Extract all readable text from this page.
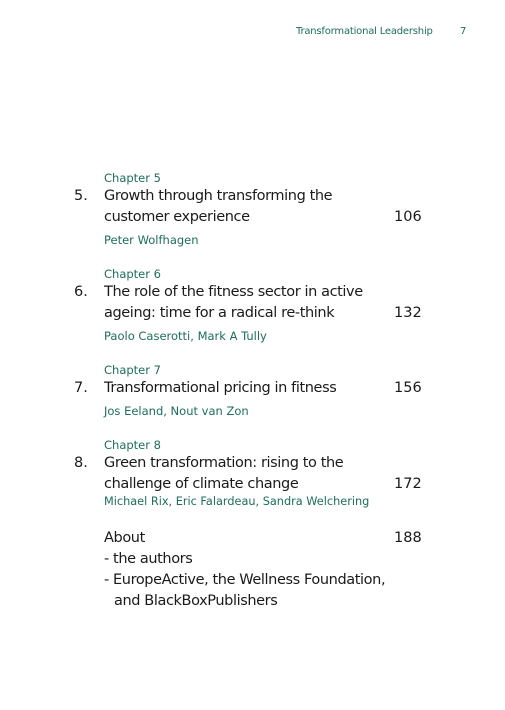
Transformational Leadership	7
Chapter 5
5. Growth through transforming the
customer experience	106
Peter Wolfhagen
Chapter 6
6. The role of the fitness sector in active
ageing: time for a radical re-think	132
Paolo Caserotti, Mark A Tully
Chapter 7
7. Transformational pricing in fitness	156
Jos Eeland, Nout van Zon
Chapter 8
8. Green transformation: rising to the
challenge of climate change	172
Michael Rix, Eric Falardeau, Sandra Welchering
About	188
- the authors
- EuropeActive, the Wellness Foundation,
and BlackBoxPublishers
